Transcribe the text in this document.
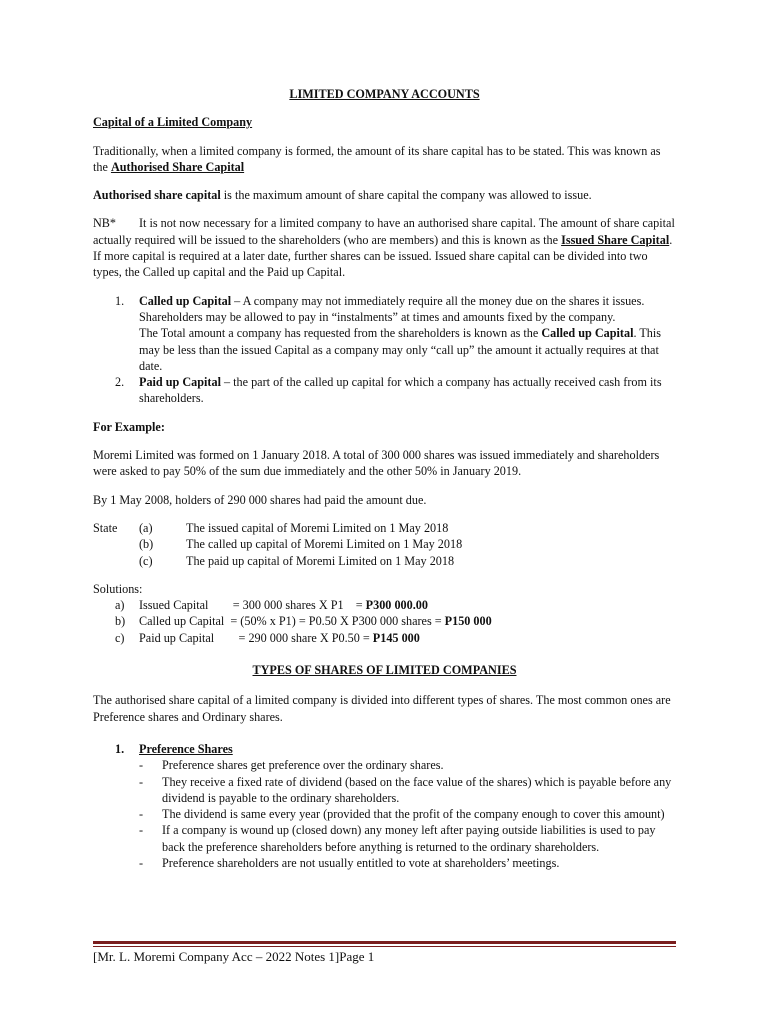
LIMITED COMPANY ACCOUNTS
Capital of a Limited Company

Traditionally, when a limited company is formed, the amount of its share capital has to be stated. This was known as the Authorised Share Capital

Authorised share capital is the maximum amount of share capital the company was allowed to issue.

NB* It is not now necessary for a limited company to have an authorised share capital. The amount of share capital actually required will be issued to the shareholders (who are members) and this is known as the Issued Share Capital. If more capital is required at a later date, further shares can be issued. Issued share capital can be divided into two types, the Called up capital and the Paid up Capital.

1.	Called up Capital – A company may not immediately require all the money due on the shares it issues. Shareholders may be allowed to pay in “instalments” at times and amounts fixed by the company.
The Total amount a company has requested from the shareholders is known as the Called up Capital. This may be less than the issued Capital as a company may only “call up” the amount it actually requires at that date.
2.	Paid up Capital – the part of the called up capital for which a company has actually received cash from its shareholders.

For Example:

Moremi Limited was formed on 1 January 2018. A total of 300 000 shares was issued immediately and shareholders were asked to pay 50% of the sum due immediately and the other 50% in January 2019.

By 1 May 2008, holders of 290 000 shares had paid the amount due.

State	(a)	The issued capital of Moremi Limited on 1 May 2018
(b)	The called up capital of Moremi Limited on 1 May 2018
(c)	The paid up capital of Moremi Limited on 1 May 2018
Solutions:
a)	Issued Capital        = 300 000 shares X P1    = P300 000.00
b)	Called up Capital  = (50% x P1) = P0.50 X P300 000 shares = P150 000
c)	Paid up Capital        = 290 000 share X P0.50 = P145 000
TYPES OF SHARES OF LIMITED COMPANIES

The authorised share capital of a limited company is divided into different types of shares. The most common ones are Preference shares and Ordinary shares.

1.	Preference Shares
-	Preference shares get preference over the ordinary shares.
-	They receive a fixed rate of dividend (based on the face value of the shares) which is payable before any dividend is payable to the ordinary shareholders.
-	The dividend is same every year (provided that the profit of the company enough to cover this amount)
-	If a company is wound up (closed down) any money left after paying outside liabilities is used to pay back the preference shareholders before anything is returned to the ordinary shareholders.
-	Preference shareholders are not usually entitled to vote at shareholders’ meetings.
[Mr. L. Moremi Company Acc – 2022 Notes 1]Page 1
